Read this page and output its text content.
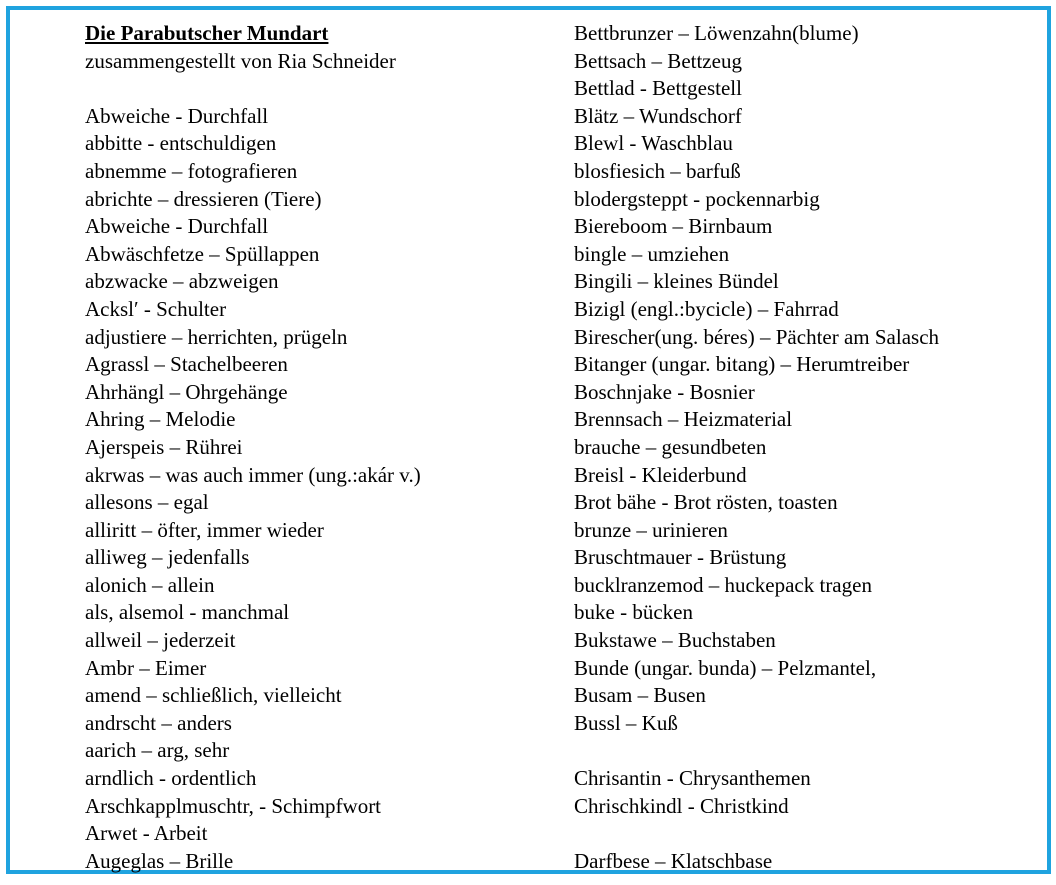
Die Parabutscher Mundart
zusammengestellt von Ria Schneider
Abweiche - Durchfall
abbitte - entschuldigen
abnemme – fotografieren
abrichte – dressieren (Tiere)
Abweiche - Durchfall
Abwäschfetze – Spüllappen
abzwacke – abzweigen
Ackslʹ - Schulter
adjustiere – herrichten, prügeln
Agrassl – Stachelbeeren
Ahrhängl – Ohrgehänge
Ahring – Melodie
Ajerspeis – Rührei
akrwas – was auch immer (ung.:akár v.)
allesons – egal
alliritt – öfter, immer wieder
alliweg – jedenfalls
alonich – allein
als, alsemol - manchmal
allweil – jederzeit
Ambr – Eimer
amend – schließlich, vielleicht
andrscht – anders
aarich – arg, sehr
arndlich - ordentlich
Arschkapplmuschtr, - Schimpfwort
Arwet - Arbeit
Augeglas – Brille
Bettbrunzer – Löwenzahn(blume)
Bettsach – Bettzeug
Bettlad - Bettgestell
Blätz – Wundschorf
Blewl - Waschblau
blosfiesich – barfuß
blodergsteppt - pockennarbig
Biereboom – Birnbaum
bingle – umziehen
Bingili – kleines Bündel
Bizigl (engl.:bycicle) – Fahrrad
Birescher(ung. béres) – Pächter am Salasch
Bitanger (ungar. bitang) – Herumtreiber
Boschnjake - Bosnier
Brennsach – Heizmaterial
brauche – gesundbeten
Breisl - Kleiderbund
Brot bähe - Brot rösten, toasten
brunze – urinieren
Bruschtmauer - Brüstung
bucklranzemod – huckepack tragen
buke - bücken
Bukstawe – Buchstaben
Bunde (ungar. bunda) – Pelzmantel,
Busam – Busen
Bussl – Kuß
Chrisantin - Chrysanthemen
Chrischkindl - Christkind
Darfbese – Klatschbase
